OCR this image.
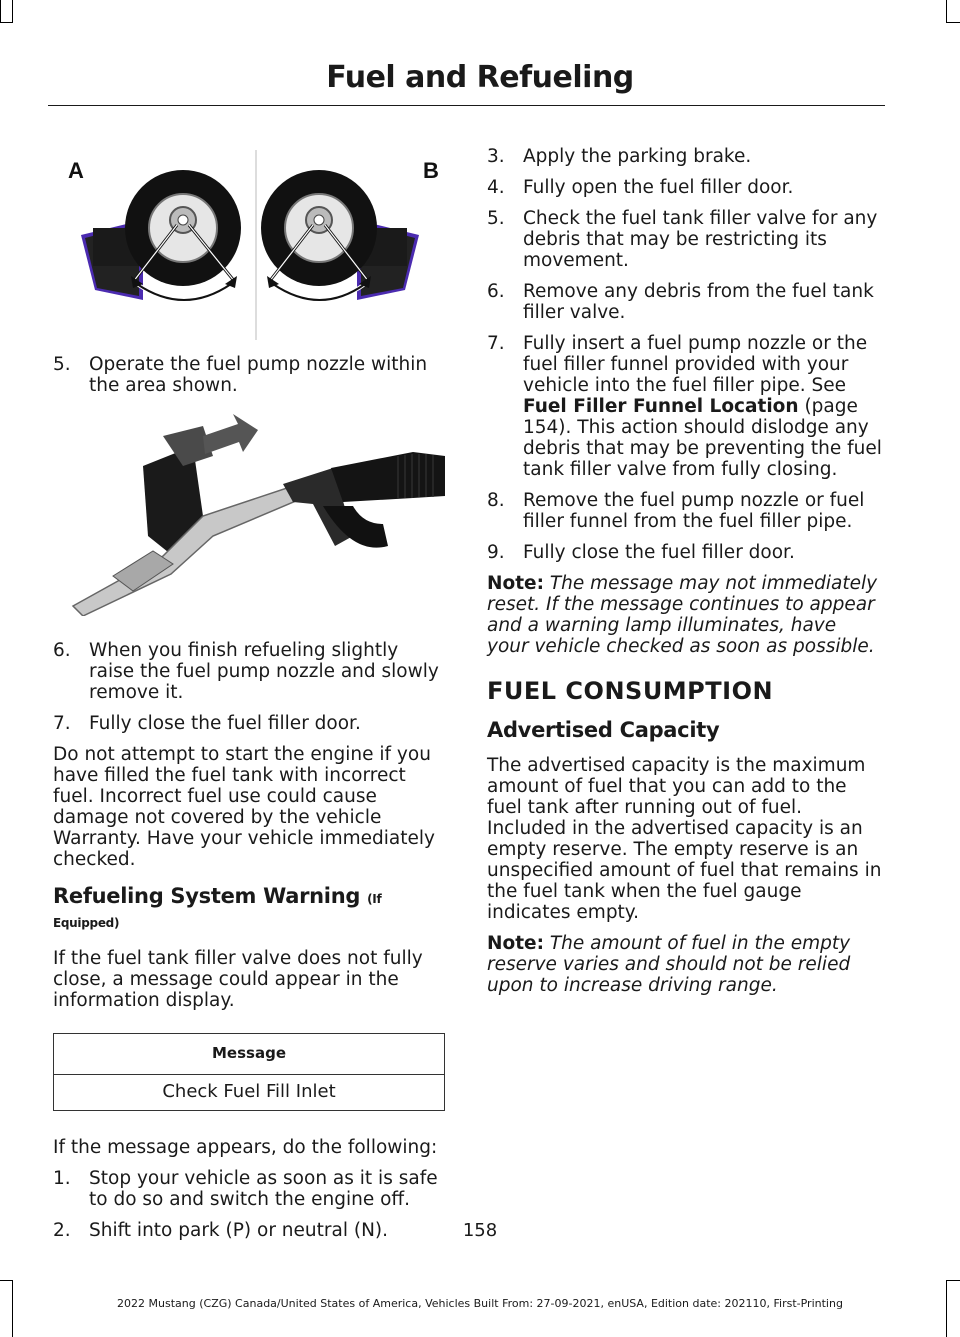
Fuel and Refueling
A	B
5. Operate the fuel pump nozzle within the area shown.
6. When you finish refueling slightly raise the fuel pump nozzle and slowly remove it.
7. Fully close the fuel filler door.

Do not attempt to start the engine if you have filled the fuel tank with incorrect fuel. Incorrect fuel use could cause damage not covered by the vehicle Warranty. Have your vehicle immediately checked.

Refueling System Warning (If Equipped)

If the fuel tank filler valve does not fully close, a message could appear in the information display.

Message
Check Fuel Fill Inlet

If the message appears, do the following:

1. Stop your vehicle as soon as it is safe to do so and switch the engine off.
2. Shift into park (P) or neutral (N).
3. Apply the parking brake.
4. Fully open the fuel filler door.
5. Check the fuel tank filler valve for any debris that may be restricting its movement.
6. Remove any debris from the fuel tank filler valve.
7. Fully insert a fuel pump nozzle or the fuel filler funnel provided with your vehicle into the fuel filler pipe. See Fuel Filler Funnel Location (page 154). This action should dislodge any debris that may be preventing the fuel tank filler valve from fully closing.
8. Remove the fuel pump nozzle or fuel filler funnel from the fuel filler pipe.
9. Fully close the fuel filler door.

Note: The message may not immediately reset. If the message continues to appear and a warning lamp illuminates, have your vehicle checked as soon as possible.

FUEL CONSUMPTION
Advertised Capacity

The advertised capacity is the maximum amount of fuel that you can add to the fuel tank after running out of fuel. Included in the advertised capacity is an empty reserve. The empty reserve is an unspecified amount of fuel that remains in the fuel tank when the fuel gauge indicates empty.

Note: The amount of fuel in the empty reserve varies and should not be relied upon to increase driving range.

158
2022 Mustang (CZG) Canada/United States of America, Vehicles Built From: 27-09-2021, enUSA, Edition date: 202110, First-Printing
